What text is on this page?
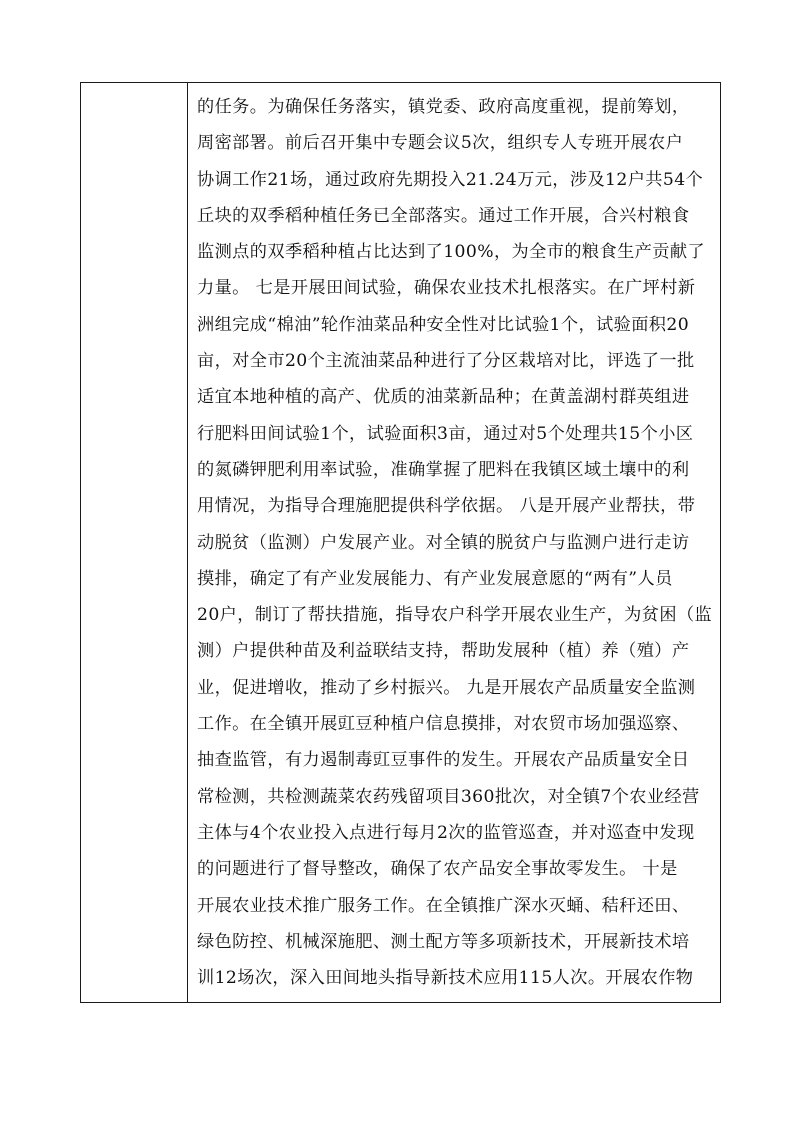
的任务。为确保任务落实，镇党委、政府高度重视，提前筹划，
周密部署。前后召开集中专题会议5次，组织专人专班开展农户
协调工作21场，通过政府先期投入21.24万元，涉及12户共54个
丘块的双季稻种植任务已全部落实。通过工作开展，合兴村粮食
监测点的双季稻种植占比达到了100%，为全市的粮食生产贡献了
力量。 七是开展田间试验，确保农业技术扎根落实。在广坪村新
洲组完成“棉油”轮作油菜品种安全性对比试验1个，试验面积20
亩，对全市20个主流油菜品种进行了分区栽培对比，评选了一批
适宜本地种植的高产、优质的油菜新品种；在黄盖湖村群英组进
行肥料田间试验1个，试验面积3亩，通过对5个处理共15个小区
的氮磷钾肥利用率试验，准确掌握了肥料在我镇区域土壤中的利
用情况，为指导合理施肥提供科学依据。 八是开展产业帮扶，带
动脱贫（监测）户发展产业。对全镇的脱贫户与监测户进行走访
摸排，确定了有产业发展能力、有产业发展意愿的“两有”人员
20户，制订了帮扶措施，指导农户科学开展农业生产，为贫困（监
测）户提供种苗及利益联结支持，帮助发展种（植）养（殖）产
业，促进增收，推动了乡村振兴。 九是开展农产品质量安全监测
工作。在全镇开展豇豆种植户信息摸排，对农贸市场加强巡察、
抽查监管，有力遏制毒豇豆事件的发生。开展农产品质量安全日
常检测，共检测蔬菜农药残留项目360批次，对全镇7个农业经营
主体与4个农业投入点进行每月2次的监管巡查，并对巡查中发现
的问题进行了督导整改，确保了农产品安全事故零发生。 十是
开展农业技术推广服务工作。在全镇推广深水灭蛹、秸秆还田、
绿色防控、机械深施肥、测土配方等多项新技术，开展新技术培
训12场次，深入田间地头指导新技术应用115人次。开展农作物
